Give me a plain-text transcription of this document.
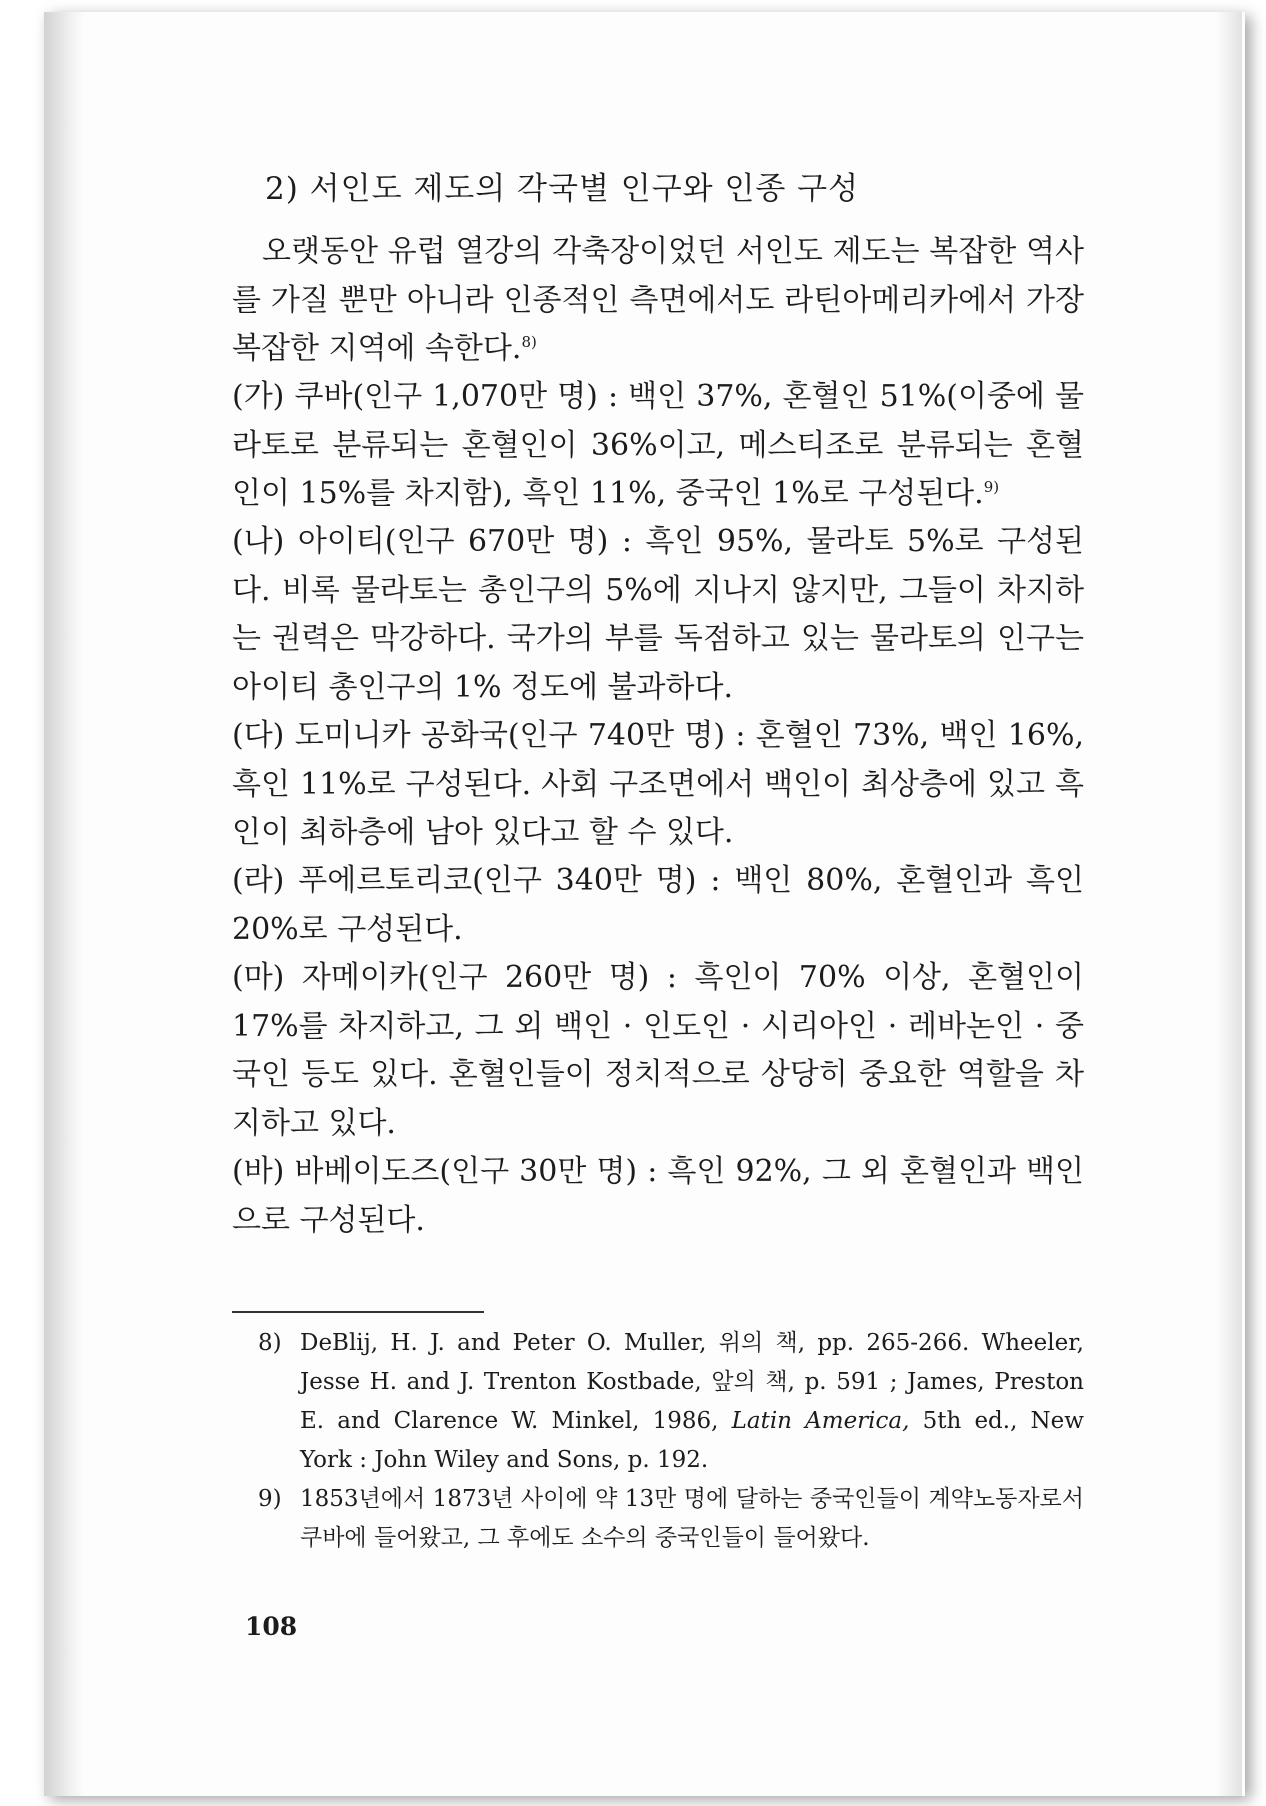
2) 서인도 제도의 각국별 인구와 인종 구성
오랫동안 유럽 열강의 각축장이었던 서인도 제도는 복잡한 역사를 가질 뿐만 아니라 인종적인 측면에서도 라틴아메리카에서 가장 복잡한 지역에 속한다.$^{8)}$
(가) 쿠바(인구 1,070만 명) : 백인 37%, 혼혈인 51%(이중에 물라토로 분류되는 혼혈인이 36%이고, 메스티조로 분류되는 혼혈인이 15%를 차지함), 흑인 11%, 중국인 1%로 구성된다.$^{9)}$
(나) 아이티(인구 670만 명) : 흑인 95%, 물라토 5%로 구성된다. 비록 물라토는 총인구의 5%에 지나지 않지만, 그들이 차지하는 권력은 막강하다. 국가의 부를 독점하고 있는 물라토의 인구는 아이티 총인구의 1% 정도에 불과하다.
(다) 도미니카 공화국(인구 740만 명) : 혼혈인 73%, 백인 16%, 흑인 11%로 구성된다. 사회 구조면에서 백인이 최상층에 있고 흑인이 최하층에 남아 있다고 할 수 있다.
(라) 푸에르토리코(인구 340만 명) : 백인 80%, 혼혈인과 흑인 20%로 구성된다.
(마) 자메이카(인구 260만 명) : 흑인이 70% 이상, 혼혈인이 17%를 차지하고, 그 외 백인 · 인도인 · 시리아인 · 레바논인 · 중국인 등도 있다. 혼혈인들이 정치적으로 상당히 중요한 역할을 차지하고 있다.
(바) 바베이도즈(인구 30만 명) : 흑인 92%, 그 외 혼혈인과 백인으로 구성된다.
8) DeBlij, H. J. and Peter O. Muller, 위의 책, pp. 265-266. Wheeler, Jesse H. and J. Trenton Kostbade, 앞의 책, p. 591 ; James, Preston E. and Clarence W. Minkel, 1986, Latin America, 5th ed., New York : John Wiley and Sons, p. 192.
9) 1853년에서 1873년 사이에 약 13만 명에 달하는 중국인들이 계약노동자로서 쿠바에 들어왔고, 그 후에도 소수의 중국인들이 들어왔다.
108
